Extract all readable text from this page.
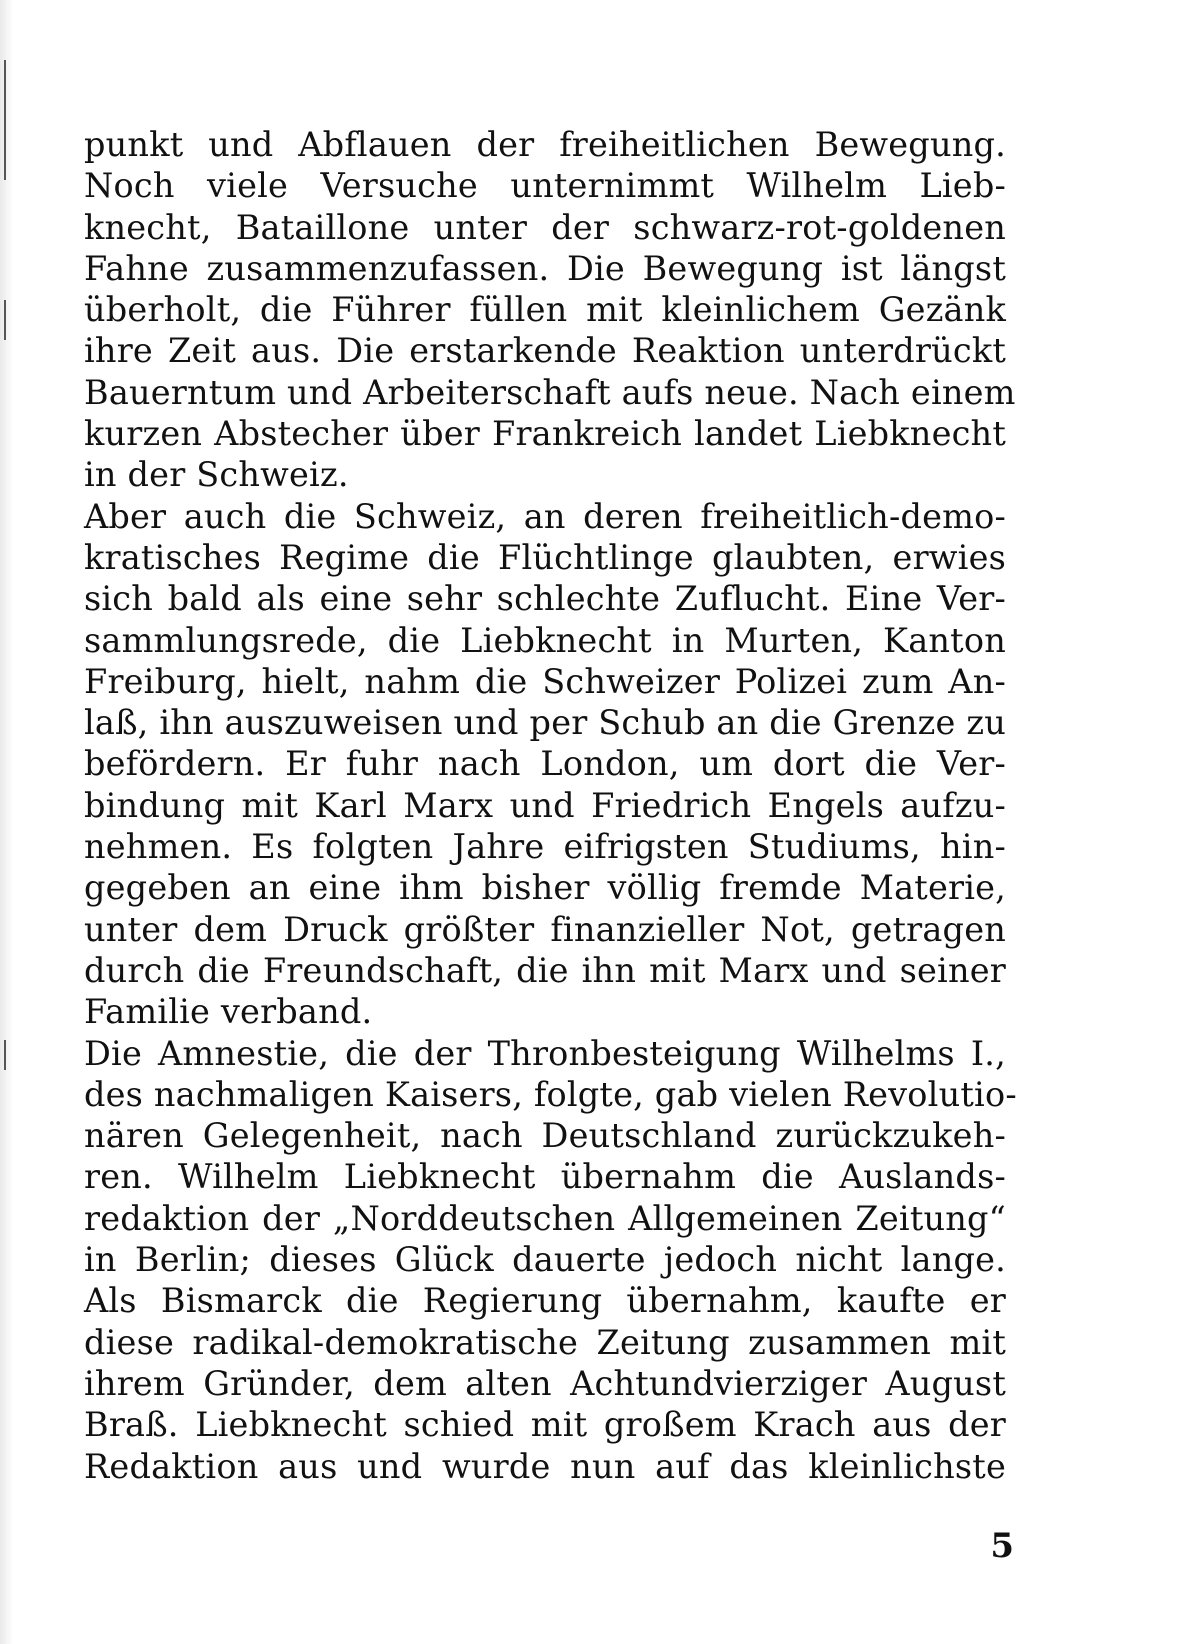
punkt und Abflauen der freiheitlichen Bewegung.
Noch viele Versuche unternimmt Wilhelm Lieb-
knecht, Bataillone unter der schwarz-rot-goldenen
Fahne zusammenzufassen. Die Bewegung ist längst
überholt, die Führer füllen mit kleinlichem Gezänk
ihre Zeit aus. Die erstarkende Reaktion unterdrückt
Bauerntum und Arbeiterschaft aufs neue. Nach einem
kurzen Abstecher über Frankreich landet Liebknecht
in der Schweiz.
Aber auch die Schweiz, an deren freiheitlich-demo-
kratisches Regime die Flüchtlinge glaubten, erwies
sich bald als eine sehr schlechte Zuflucht. Eine Ver-
sammlungsrede, die Liebknecht in Murten, Kanton
Freiburg, hielt, nahm die Schweizer Polizei zum An-
laß, ihn auszuweisen und per Schub an die Grenze zu
befördern. Er fuhr nach London, um dort die Ver-
bindung mit Karl Marx und Friedrich Engels aufzu-
nehmen. Es folgten Jahre eifrigsten Studiums, hin-
gegeben an eine ihm bisher völlig fremde Materie,
unter dem Druck größter finanzieller Not, getragen
durch die Freundschaft, die ihn mit Marx und seiner
Familie verband.
Die Amnestie, die der Thronbesteigung Wilhelms I.,
des nachmaligen Kaisers, folgte, gab vielen Revolutio-
nären Gelegenheit, nach Deutschland zurückzukeh-
ren. Wilhelm Liebknecht übernahm die Auslands-
redaktion der „Norddeutschen Allgemeinen Zeitung“
in Berlin; dieses Glück dauerte jedoch nicht lange.
Als Bismarck die Regierung übernahm, kaufte er
diese radikal-demokratische Zeitung zusammen mit
ihrem Gründer, dem alten Achtundvierziger August
Braß. Liebknecht schied mit großem Krach aus der
Redaktion aus und wurde nun auf das kleinlichste
5
